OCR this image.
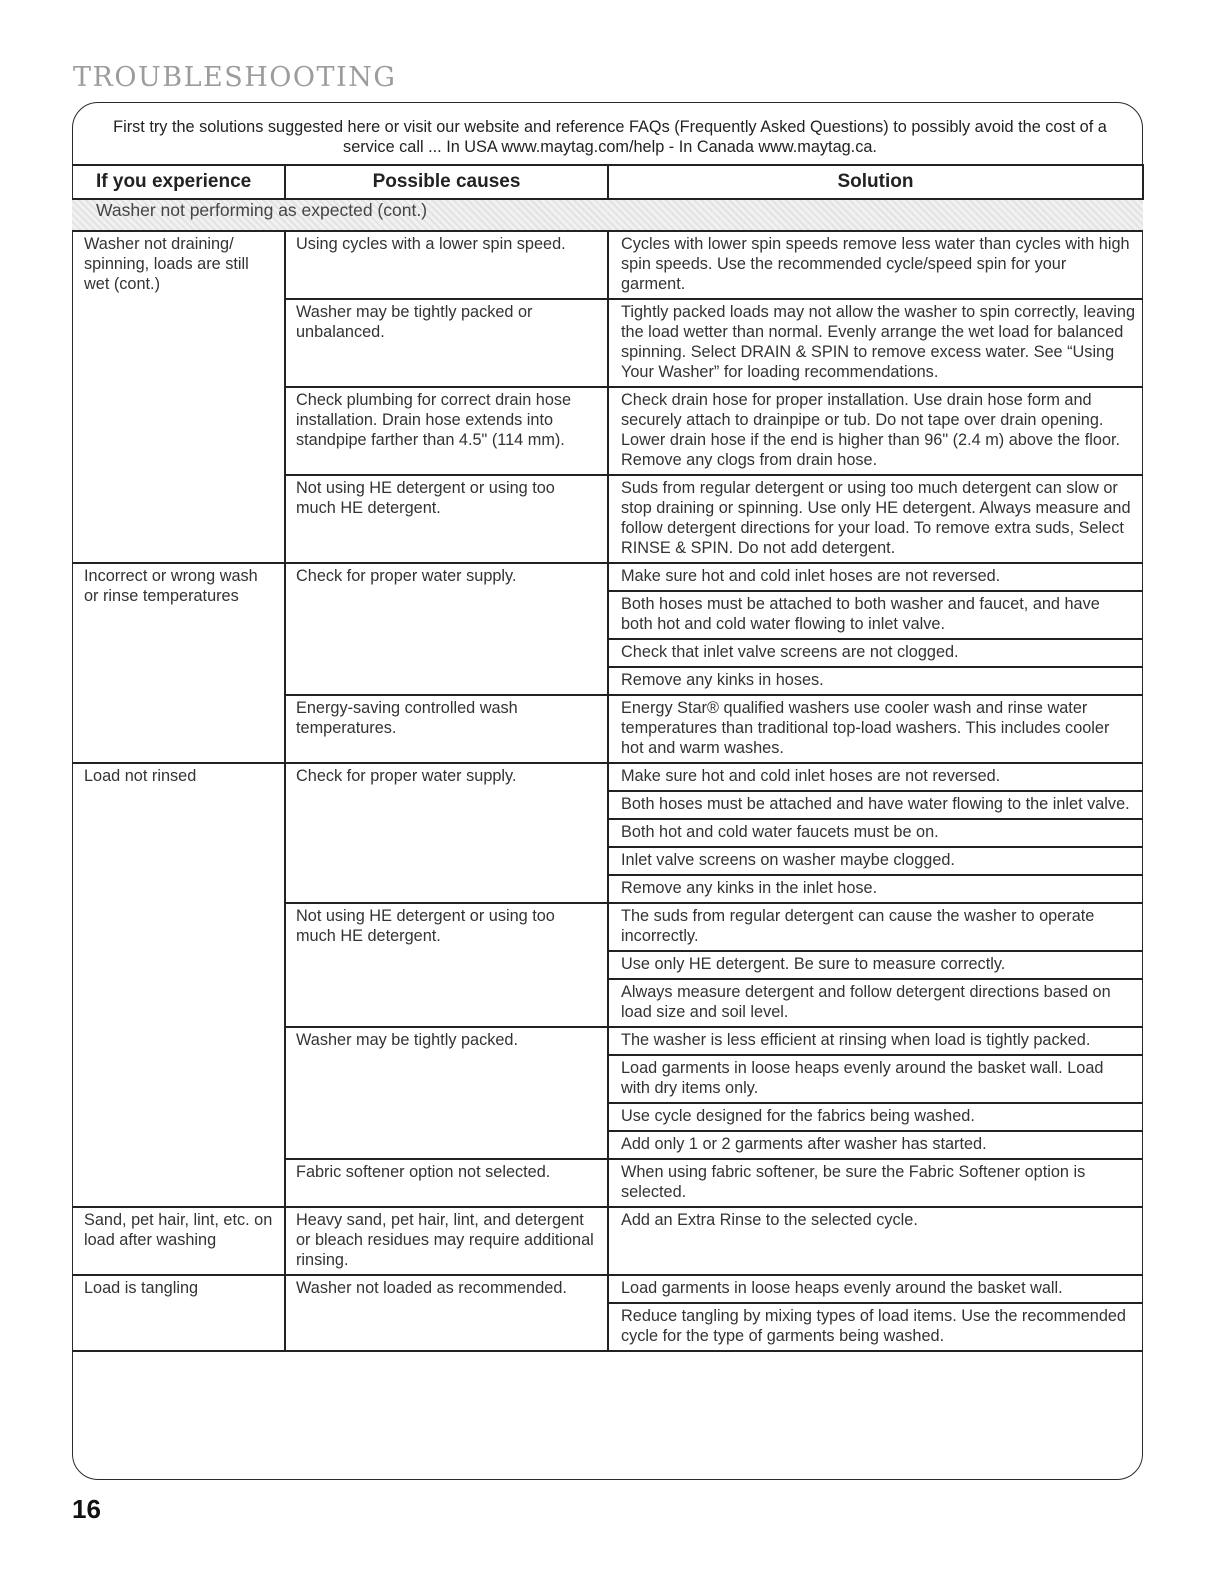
TROUBLESHOOTING
First try the solutions suggested here or visit our website and reference FAQs (Frequently Asked Questions) to possibly avoid the cost of a service call ... In USA www.maytag.com/help - In Canada www.maytag.ca.
If you experience	Possible causes	Solution
Washer not performing as expected (cont.)		
Washer not draining/ spinning, loads are still wet (cont.)	Using cycles with a lower spin speed.	Cycles with lower spin speeds remove less water than cycles with high spin speeds. Use the recommended cycle/speed spin for your garment.
	Washer may be tightly packed or unbalanced.	Tightly packed loads may not allow the washer to spin correctly, leaving the load wetter than normal. Evenly arrange the wet load for balanced spinning. Select DRAIN & SPIN to remove excess water. See “Using Your Washer” for loading recommendations.
	Check plumbing for correct drain hose installation. Drain hose extends into standpipe farther than 4.5" (114 mm).	Check drain hose for proper installation. Use drain hose form and securely attach to drainpipe or tub. Do not tape over drain opening. Lower drain hose if the end is higher than 96" (2.4 m) above the floor. Remove any clogs from drain hose.
	Not using HE detergent or using too much HE detergent.	Suds from regular detergent or using too much detergent can slow or stop draining or spinning. Use only HE detergent. Always measure and follow detergent directions for your load. To remove extra suds, Select RINSE & SPIN. Do not add detergent.
Incorrect or wrong wash or rinse temperatures	Check for proper water supply.	Make sure hot and cold inlet hoses are not reversed.
		Both hoses must be attached to both washer and faucet, and have both hot and cold water flowing to inlet valve.
		Check that inlet valve screens are not clogged.
		Remove any kinks in hoses.
	Energy-saving controlled wash temperatures.	Energy Star® qualified washers use cooler wash and rinse water temperatures than traditional top-load washers. This includes cooler hot and warm washes.
Load not rinsed	Check for proper water supply.	Make sure hot and cold inlet hoses are not reversed.
		Both hoses must be attached and have water flowing to the inlet valve.
		Both hot and cold water faucets must be on.
		Inlet valve screens on washer maybe clogged.
		Remove any kinks in the inlet hose.
	Not using HE detergent or using too much HE detergent.	The suds from regular detergent can cause the washer to operate incorrectly.
		Use only HE detergent. Be sure to measure correctly.
		Always measure detergent and follow detergent directions based on load size and soil level.
	Washer may be tightly packed.	The washer is less efficient at rinsing when load is tightly packed.
		Load garments in loose heaps evenly around the basket wall. Load with dry items only.
		Use cycle designed for the fabrics being washed.
		Add only 1 or 2 garments after washer has started.
	Fabric softener option not selected.	When using fabric softener, be sure the Fabric Softener option is selected.
Sand, pet hair, lint, etc. on load after washing	Heavy sand, pet hair, lint, and detergent or bleach residues may require additional rinsing.	Add an Extra Rinse to the selected cycle.
Load is tangling	Washer not loaded as recommended.	Load garments in loose heaps evenly around the basket wall.
		Reduce tangling by mixing types of load items. Use the recommended cycle for the type of garments being washed.
16
